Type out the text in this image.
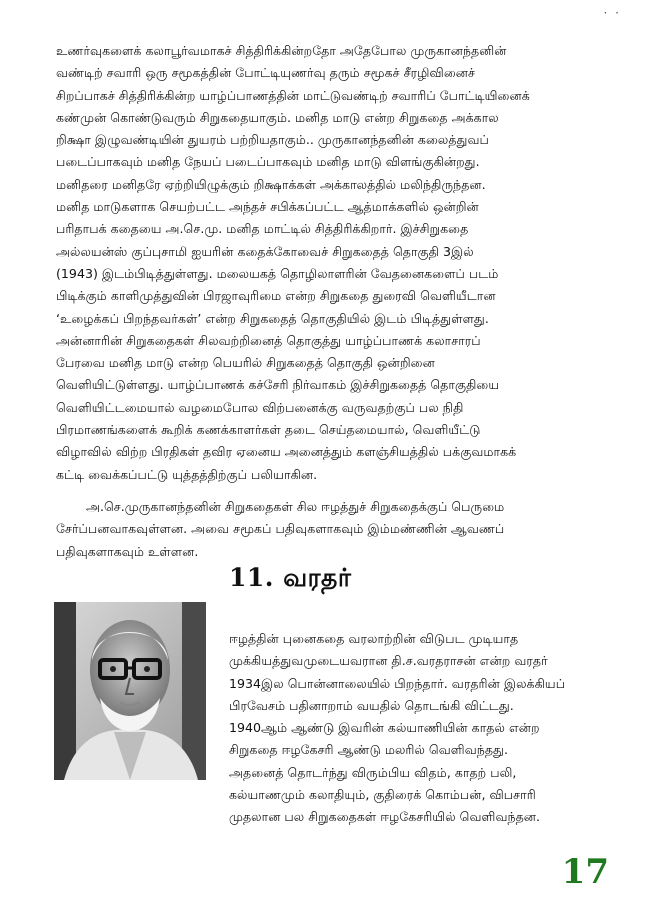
· ·

உணர்வுகளைக் கலாபூர்வமாகச் சித்திரிக்கின்றதோ அதேபோல முருகானந்தனின்
வண்டிற் சவாரி ஒரு சமூகத்தின் போட்டியுணர்வு தரும் சமூகச் சீரழிவினைச்
சிறப்பாகச் சித்திரிக்கின்ற யாழ்ப்பாணத்தின் மாட்டுவண்டிற் சவாரிப் போட்டியினைக்
கண்முன் கொண்டுவரும் சிறுகதையாகும். மனித மாடு என்ற சிறுகதை அக்கால
றிக்ஷா இழுவண்டியின் துயரம் பற்றியதாகும்.. முருகானந்தனின் கலைத்துவப்
படைப்பாகவும் மனித நேயப் படைப்பாகவும் மனித மாடு விளங்குகின்றது.
மனிதரை மனிதரே ஏற்றியிழுக்கும் றிக்ஷாக்கள் அக்காலத்தில் மலிந்திருந்தன.
மனித மாடுகளாக செயற்பட்ட அந்தச் சபிக்கப்பட்ட ஆத்மாக்களில் ஒன்றின்
பரிதாபக் கதையை அ.செ.மு. மனித மாட்டில் சித்திரிக்கிறார். இச்சிறுகதை
அல்லயன்ஸ் குப்புசாமி ஐயரின் கதைக்கோவைச் சிறுகதைத் தொகுதி 3இல்
(1943) இடம்பிடித்துள்ளது. மலையகத் தொழிலாளரின் வேதனைகளைப் படம்
பிடிக்கும் காளிமுத்துவின் பிரஜாவுரிமை என்ற சிறுகதை துரைவி வெளியீடான
‘உழைக்கப் பிறந்தவர்கள்’ என்ற சிறுகதைத் தொகுதியில் இடம் பிடித்துள்ளது.
அன்னாரின் சிறுகதைகள் சிலவற்றினைத் தொகுத்து யாழ்ப்பாணக் கலாசாரப்
பேரவை மனித மாடு என்ற பெயரில் சிறுகதைத் தொகுதி ஒன்றினை
வெளியிட்டுள்ளது. யாழ்ப்பாணக் கச்சேரி நிர்வாகம் இச்சிறுகதைத் தொகுதியை
வெளியிட்டமையால் வழமைபோல விற்பனைக்கு வருவதற்குப் பல நிதி
பிரமாணங்களைக் கூறிக் கணக்காளர்கள் தடை செய்தமையால், வெளியீட்டு
விழாவில் விற்ற பிரதிகள் தவிர ஏனைய அனைத்தும் களஞ்சியத்தில் பக்குவமாகக்
கட்டி வைக்கப்பட்டு யுத்தத்திற்குப் பலியாகின.

அ.செ.முருகானந்தனின் சிறுகதைகள் சில ஈழத்துச் சிறுகதைக்குப் பெருமை
சேர்ப்பனவாகவுள்ளன. அவை சமூகப் பதிவுகளாகவும் இம்மண்ணின் ஆவணப்
பதிவுகளாகவும் உள்ளன.

11. வரதர்

ஈழத்தின் புனைகதை வரலாற்றின் விடுபட முடியாத
முக்கியத்துவமுடையவரான தி.ச.வரதராசன் என்ற வரதர்
1934இல பொன்னாலையில் பிறந்தார். வரதரின் இலக்கியப்
பிரவேசம் பதினாறாம் வயதில் தொடங்கி விட்டது.
1940ஆம் ஆண்டு இவரின் கல்யாணியின் காதல் என்ற
சிறுகதை ஈழகேசரி ஆண்டு மலரில் வெளிவந்தது.
அதனைத் தொடர்ந்து விரும்பிய விதம், காதற் பலி,
கல்யாணமும் கலாதியும், குதிரைக் கொம்பன், விபசாரி
முதலான பல சிறுகதைகள் ஈழகேசரியில் வெளிவந்தன.

17
